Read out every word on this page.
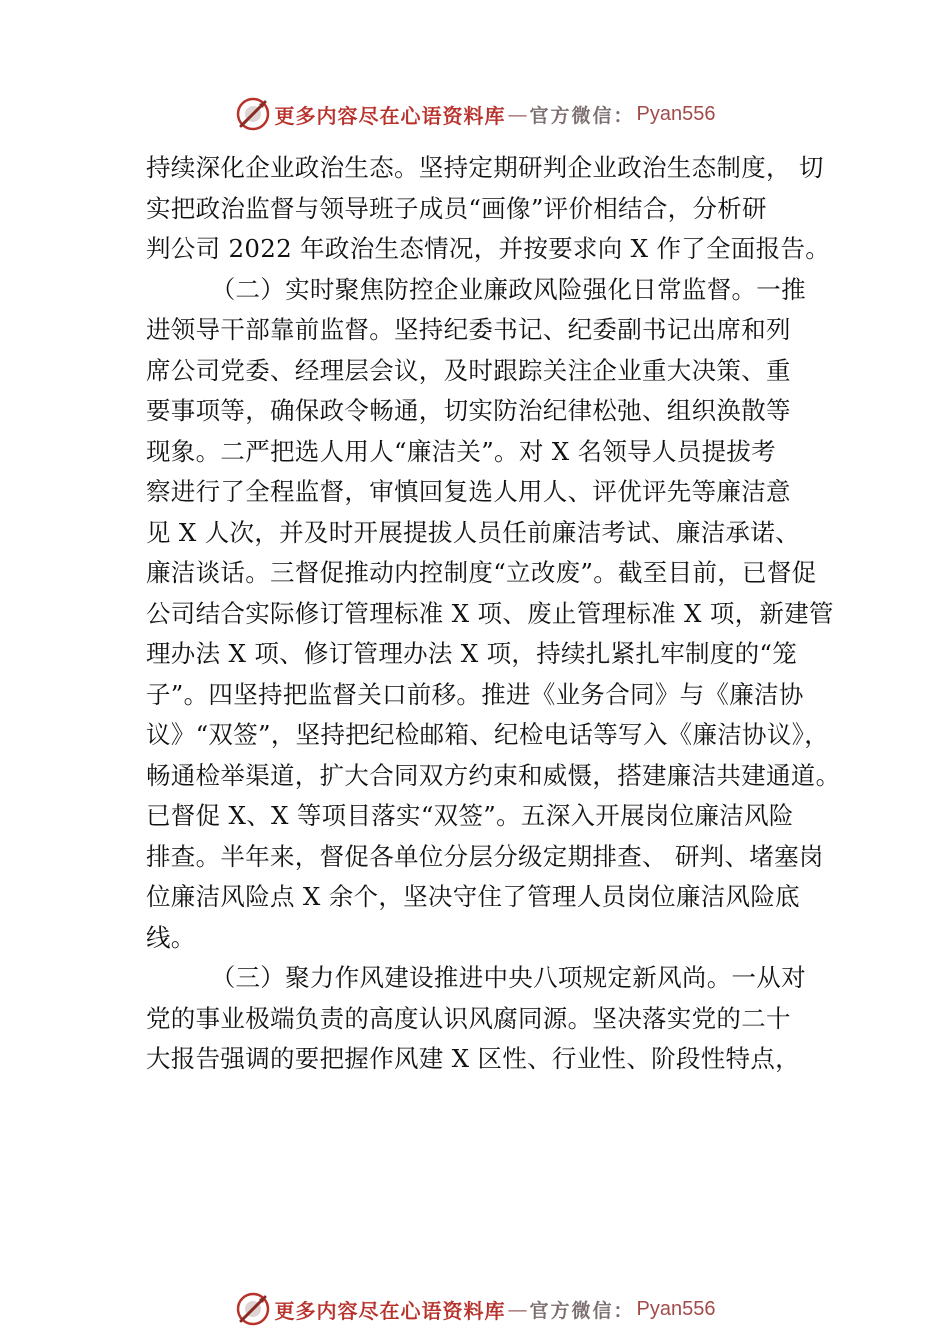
更多内容尽在心语资料库 — 官方微信： Pyan556
持续深化企业政治生态。坚持定期研判企业政治生态制度， 切
实把政治监督与领导班子成员“画像”评价相结合，分析研
判公司 2022 年政治生态情况，并按要求向 X 作了全面报告。
（二）实时聚焦防控企业廉政风险强化日常监督。一推
进领导干部靠前监督。坚持纪委书记、纪委副书记出席和列
席公司党委、经理层会议，及时跟踪关注企业重大决策、重
要事项等，确保政令畅通，切实防治纪律松弛、组织涣散等
现象。二严把选人用人“廉洁关”。对 X 名领导人员提拔考
察进行了全程监督，审慎回复选人用人、评优评先等廉洁意
见 X 人次，并及时开展提拔人员任前廉洁考试、廉洁承诺、
廉洁谈话。三督促推动内控制度“立改废”。截至目前，已督促
公司结合实际修订管理标准 X 项、废止管理标准 X 项，新建管
理办法 X 项、修订管理办法 X 项，持续扎紧扎牢制度的“笼
子”。四坚持把监督关口前移。推进《业务合同》与《廉洁协
议》“双签”，坚持把纪检邮箱、纪检电话等写入《廉洁协议》，
畅通检举渠道，扩大合同双方约束和威慑，搭建廉洁共建通道。
已督促 X、X 等项目落实“双签”。五深入开展岗位廉洁风险
排查。半年来，督促各单位分层分级定期排查、 研判、堵塞岗
位廉洁风险点 X 余个，坚决守住了管理人员岗位廉洁风险底
线。
（三）聚力作风建设推进中央八项规定新风尚。一从对
党的事业极端负责的高度认识风腐同源。坚决落实党的二十
大报告强调的要把握作风建 X 区性、行业性、阶段性特点，
更多内容尽在心语资料库 — 官方微信： Pyan556
